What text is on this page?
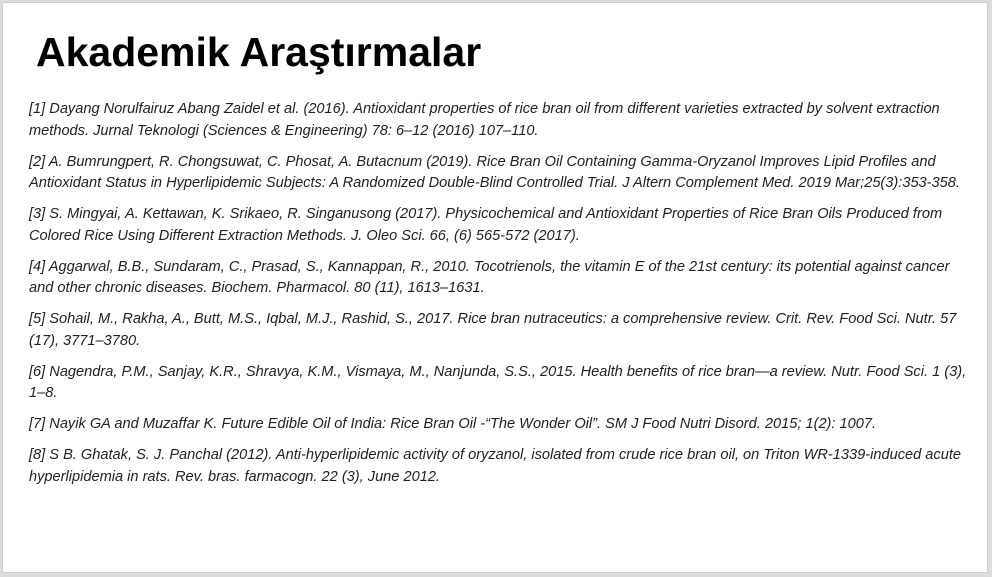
Akademik Araştırmalar
[1] Dayang Norulfairuz Abang Zaidel et al. (2016). Antioxidant properties of rice bran oil from different varieties extracted by solvent extraction methods. Jurnal Teknologi (Sciences & Engineering) 78: 6–12 (2016) 107–110.
[2] A. Bumrungpert, R. Chongsuwat, C. Phosat, A. Butacnum (2019). Rice Bran Oil Containing Gamma-Oryzanol Improves Lipid Profiles and Antioxidant Status in Hyperlipidemic Subjects: A Randomized Double-Blind Controlled Trial. J Altern Complement Med. 2019 Mar;25(3):353-358.
[3] S. Mingyai, A. Kettawan, K. Srikaeo, R. Singanusong (2017). Physicochemical and Antioxidant Properties of Rice Bran Oils Produced from Colored Rice Using Different Extraction Methods. J. Oleo Sci. 66, (6) 565-572 (2017).
[4] Aggarwal, B.B., Sundaram, C., Prasad, S., Kannappan, R., 2010. Tocotrienols, the vitamin E of the 21st century: its potential against cancer and other chronic diseases. Biochem. Pharmacol. 80 (11), 1613–1631.
[5] Sohail, M., Rakha, A., Butt, M.S., Iqbal, M.J., Rashid, S., 2017. Rice bran nutraceutics: a comprehensive review. Crit. Rev. Food Sci. Nutr. 57 (17), 3771–3780.
[6] Nagendra, P.M., Sanjay, K.R., Shravya, K.M., Vismaya, M., Nanjunda, S.S., 2015. Health benefits of rice bran—a review. Nutr. Food Sci. 1 (3), 1–8.
[7] Nayik GA and Muzaffar K. Future Edible Oil of India: Rice Bran Oil -“The Wonder Oil”. SM J Food Nutri Disord. 2015; 1(2): 1007.
[8] S B. Ghatak, S. J. Panchal (2012). Anti-hyperlipidemic activity of oryzanol, isolated from crude rice bran oil, on Triton WR-1339-induced acute hyperlipidemia in rats. Rev. bras. farmacogn. 22 (3), June 2012.
